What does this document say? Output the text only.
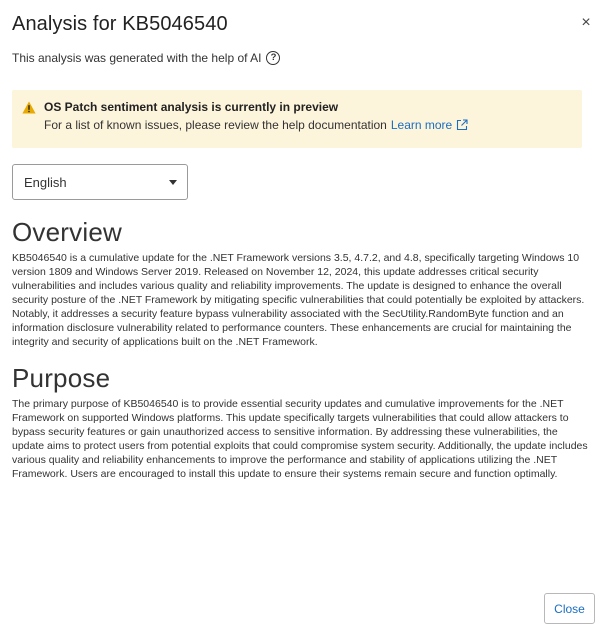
Analysis for KB5046540	×
This analysis was generated with the help of AI ?
OS Patch sentiment analysis is currently in preview
For a list of known issues, please review the help documentation Learn more
English
Overview

KB5046540 is a cumulative update for the .NET Framework versions 3.5, 4.7.2, and 4.8, specifically targeting Windows 10 version 1809 and Windows Server 2019. Released on November 12, 2024, this update addresses critical security vulnerabilities and includes various quality and reliability improvements. The update is designed to enhance the overall security posture of the .NET Framework by mitigating specific vulnerabilities that could potentially be exploited by attackers. Notably, it addresses a security feature bypass vulnerability associated with the SecUtility.RandomByte function and an information disclosure vulnerability related to performance counters. These enhancements are crucial for maintaining the integrity and security of applications built on the .NET Framework.

Purpose

The primary purpose of KB5046540 is to provide essential security updates and cumulative improvements for the .NET Framework on supported Windows platforms. This update specifically targets vulnerabilities that could allow attackers to bypass security features or gain unauthorized access to sensitive information. By addressing these vulnerabilities, the update aims to protect users from potential exploits that could compromise system security. Additionally, the update includes various quality and reliability enhancements to improve the performance and stability of applications utilizing the .NET Framework. Users are encouraged to install this update to ensure their systems remain secure and function optimally.

Close
